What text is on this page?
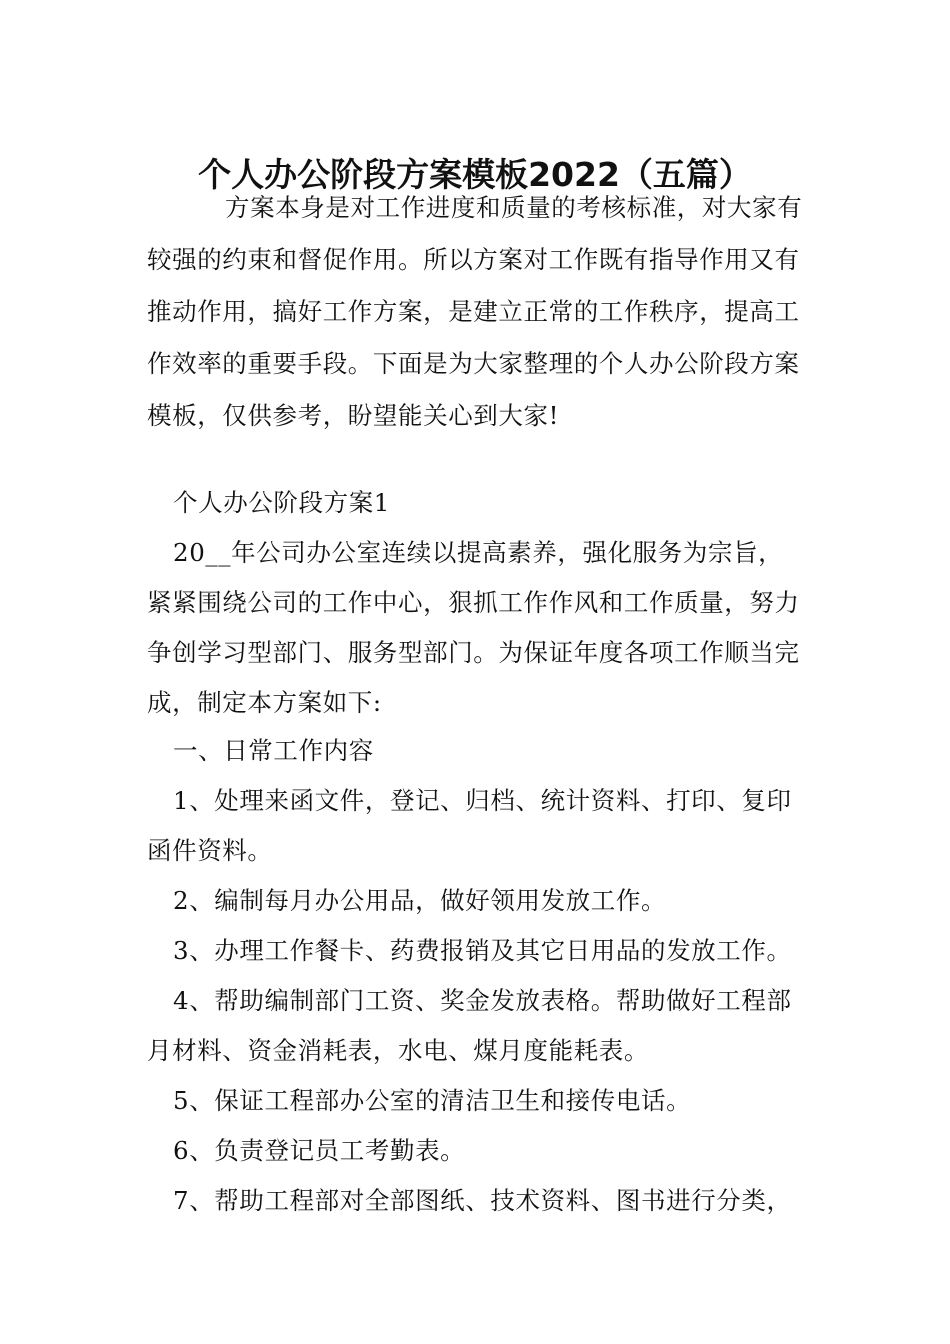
个人办公阶段方案模板2022（五篇）

方案本身是对工作进度和质量的考核标准，对大家有较强的约束和督促作用。所以方案对工作既有指导作用又有推动作用，搞好工作方案，是建立正常的工作秩序，提高工作效率的重要手段。下面是为大家整理的个人办公阶段方案模板，仅供参考，盼望能关心到大家!

个人办公阶段方案1

20__年公司办公室连续以提高素养，强化服务为宗旨，紧紧围绕公司的工作中心，狠抓工作作风和工作质量，努力争创学习型部门、服务型部门。为保证年度各项工作顺当完成，制定本方案如下:

一、日常工作内容

1、处理来函文件，登记、归档、统计资料、打印、复印函件资料。

2、编制每月办公用品，做好领用发放工作。

3、办理工作餐卡、药费报销及其它日用品的发放工作。

4、帮助编制部门工资、奖金发放表格。帮助做好工程部月材料、资金消耗表，水电、煤月度能耗表。

5、保证工程部办公室的清洁卫生和接传电话。

6、负责登记员工考勤表。

7、帮助工程部对全部图纸、技术资料、图书进行分类，
